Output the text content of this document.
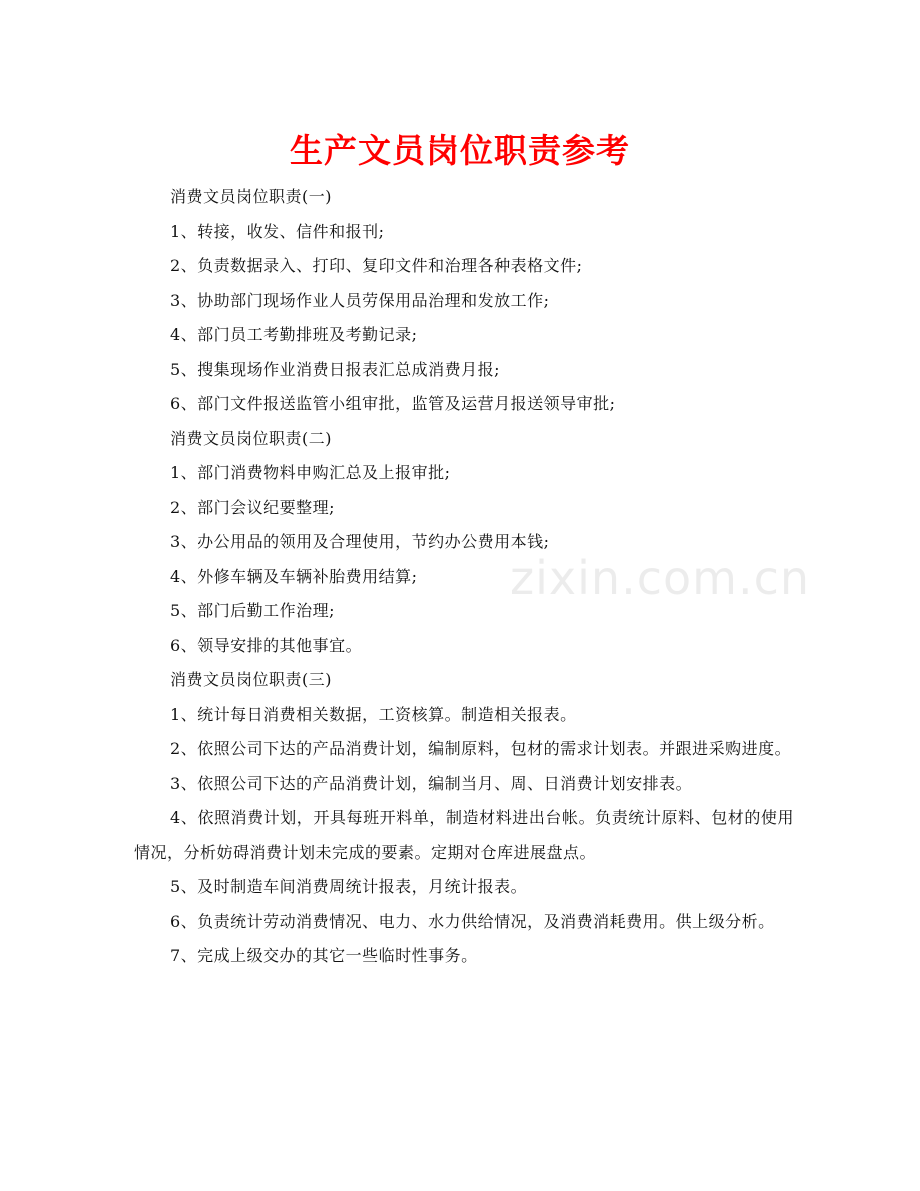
生产文员岗位职责参考

消费文员岗位职责(一)

1、转接，收发、信件和报刊;

2、负责数据录入、打印、复印文件和治理各种表格文件;

3、协助部门现场作业人员劳保用品治理和发放工作;

4、部门员工考勤排班及考勤记录;

5、搜集现场作业消费日报表汇总成消费月报;

6、部门文件报送监管小组审批，监管及运营月报送领导审批;

消费文员岗位职责(二)

1、部门消费物料申购汇总及上报审批;

2、部门会议纪要整理;

3、办公用品的领用及合理使用，节约办公费用本钱;

4、外修车辆及车辆补胎费用结算;

5、部门后勤工作治理;

6、领导安排的其他事宜。

消费文员岗位职责(三)

1、统计每日消费相关数据，工资核算。制造相关报表。

2、依照公司下达的产品消费计划，编制原料，包材的需求计划表。并跟进采购进度。

3、依照公司下达的产品消费计划，编制当月、周、日消费计划安排表。

4、依照消费计划，开具每班开料单，制造材料进出台帐。负责统计原料、包材的使用情况，分析妨碍消费计划未完成的要素。定期对仓库进展盘点。

5、及时制造车间消费周统计报表，月统计报表。

6、负责统计劳动消费情况、电力、水力供给情况，及消费消耗费用。供上级分析。

7、完成上级交办的其它一些临时性事务。

zixin.com.cn
